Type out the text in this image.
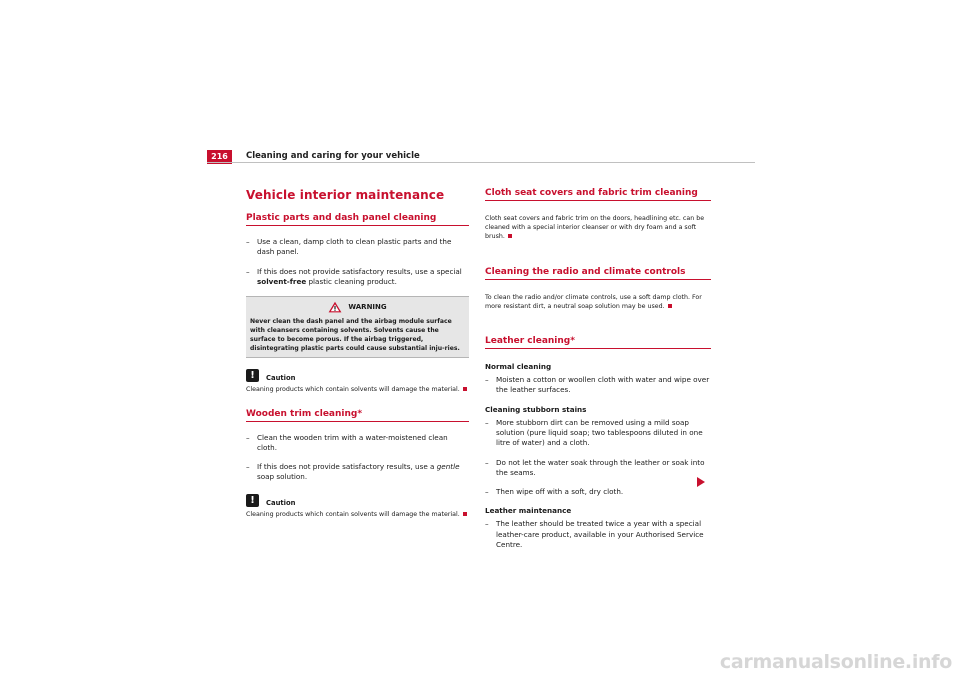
216	Cleaning and caring for your vehicle
Vehicle interior maintenance
Plastic parts and dash panel cleaning
– Use a clean, damp cloth to clean plastic parts and the dash panel.
– If this does not provide satisfactory results, use a special solvent-free plastic cleaning product.
WARNING
Never clean the dash panel and the airbag module surface with cleansers containing solvents. Solvents cause the surface to become porous. If the airbag triggered, disintegrating plastic parts could cause substantial inju-ries.
!	Caution
Cleaning products which contain solvents will damage the material.
Wooden trim cleaning*
– Clean the wooden trim with a water-moistened clean cloth.
– If this does not provide satisfactory results, use a gentle soap solution.
!	Caution
Cleaning products which contain solvents will damage the material.
Cloth seat covers and fabric trim cleaning
Cloth seat covers and fabric trim on the doors, headlining etc. can be cleaned with a special interior cleanser or with dry foam and a soft brush.
Cleaning the radio and climate controls
To clean the radio and/or climate controls, use a soft damp cloth. For more resistant dirt, a neutral soap solution may be used.
Leather cleaning*
Normal cleaning
– Moisten a cotton or woollen cloth with water and wipe over the leather surfaces.
Cleaning stubborn stains
– More stubborn dirt can be removed using a mild soap solution (pure liquid soap; two tablespoons diluted in one litre of water) and a cloth.
– Do not let the water soak through the leather or soak into the seams.
– Then wipe off with a soft, dry cloth.
Leather maintenance
– The leather should be treated twice a year with a special leather-care product, available in your Authorised Service Centre.
carmanualsonline.info
